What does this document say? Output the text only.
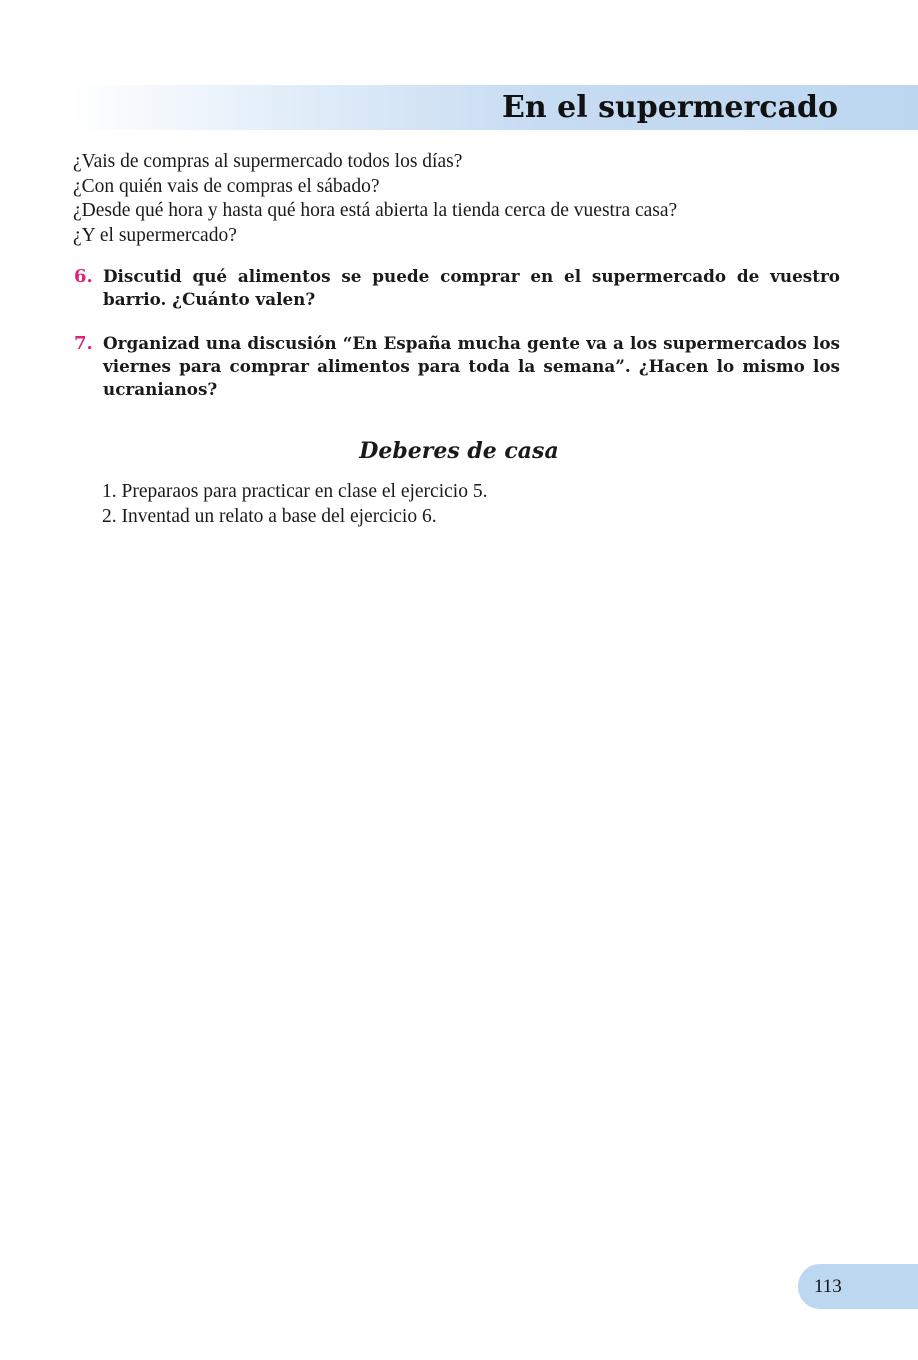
En el supermercado
¿Vais de compras al supermercado todos los días?
¿Con quién vais de compras el sábado?
¿Desde qué hora y hasta qué hora está abierta la tienda cerca de vuestra casa?
¿Y el supermercado?
6. Discutid qué alimentos se puede comprar en el supermercado de vuestro barrio. ¿Cuánto valen?
7. Organizad una discusión “En España mucha gente va a los supermercados los viernes para comprar alimentos para toda la semana”. ¿Hacen lo mismo los ucranianos?
Deberes de casa
1. Preparaos para practicar en clase el ejercicio 5.
2. Inventad un relato a base del ejercicio 6.
113
